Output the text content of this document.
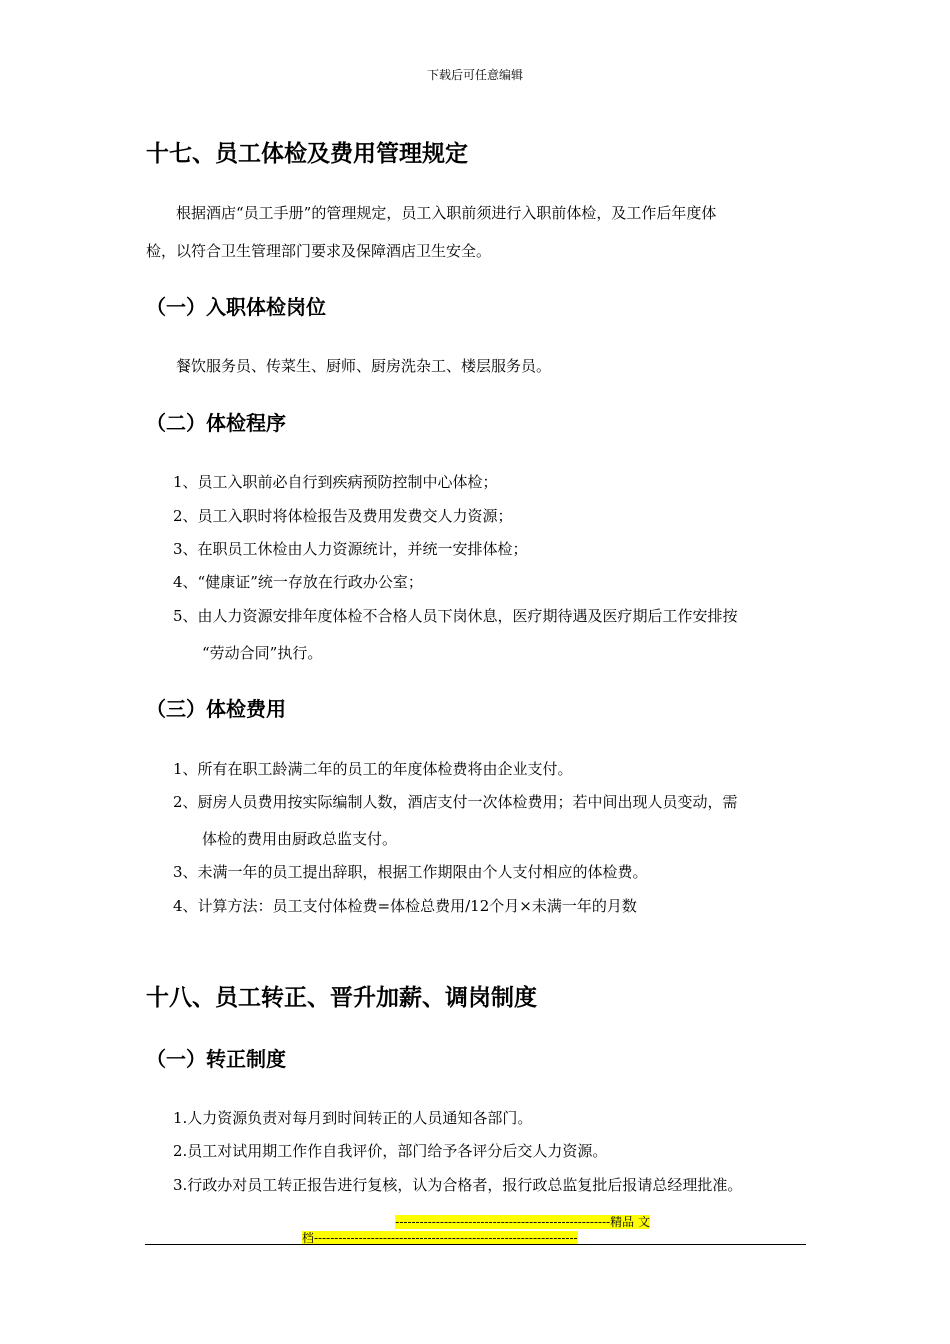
下载后可任意编辑
十七、员工体检及费用管理规定
根据酒店“员工手册”的管理规定，员工入职前须进行入职前体检，及工作后年度体
检，以符合卫生管理部门要求及保障酒店卫生安全。
（一）入职体检岗位
餐饮服务员、传菜生、厨师、厨房洗杂工、楼层服务员。
（二）体检程序
1、员工入职前必自行到疾病预防控制中心体检；
2、员工入职时将体检报告及费用发费交人力资源；
3、在职员工休检由人力资源统计，并统一安排体检；
4、“健康证”统一存放在行政办公室；
5、由人力资源安排年度体检不合格人员下岗休息，医疗期待遇及医疗期后工作安排按
“劳动合同”执行。
（三）体检费用
1、所有在职工龄满二年的员工的年度体检费将由企业支付。
2、厨房人员费用按实际编制人数，酒店支付一次体检费用；若中间出现人员变动，需
体检的费用由厨政总监支付。
3、未满一年的员工提出辞职，根据工作期限由个人支付相应的体检费。
4、计算方法：员工支付体检费=体检总费用/12个月×未满一年的月数
十八、员工转正、晋升加薪、调岗制度
（一）转正制度
1.人力资源负责对每月到时间转正的人员通知各部门。
2.员工对试用期工作作自我评价，部门给予各评分后交人力资源。
3.行政办对员工转正报告进行复核，认为合格者，报行政总监复批后报请总经理批准。
-----------------------------------------------------精品 文
档-----------------------------------------------------------------
